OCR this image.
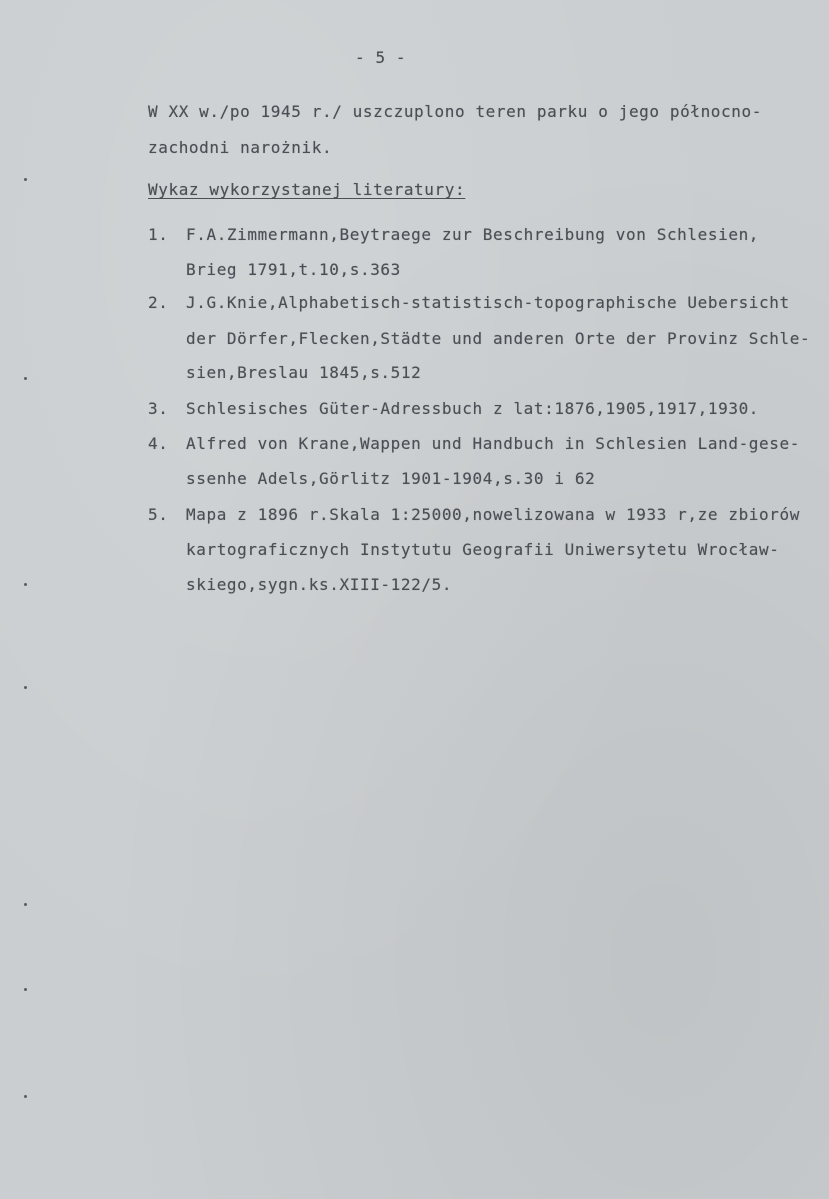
- 5 -
W XX w./po 1945 r./ uszczuplono teren parku o jego północno-
zachodni narożnik.
Wykaz wykorzystanej literatury:
1. F.A.Zimmermann,Beytraege zur Beschreibung von Schlesien,
Brieg 1791,t.10,s.363
2. J.G.Knie,Alphabetisch-statistisch-topographische Uebersicht
der Dörfer,Flecken,Städte und anderen Orte der Provinz Schle-
sien,Breslau 1845,s.512
3. Schlesisches Güter-Adressbuch z lat:1876,1905,1917,1930.
4. Alfred von Krane,Wappen und Handbuch in Schlesien Land-gese-
ssenhe Adels,Görlitz 1901-1904,s.30 i 62
5. Mapa z 1896 r.Skala 1:25000,nowelizowana w 1933 r,ze zbiorów
kartograficznych Instytutu Geografii Uniwersytetu Wrocław-
skiego,sygn.ks.XIII-122/5.
